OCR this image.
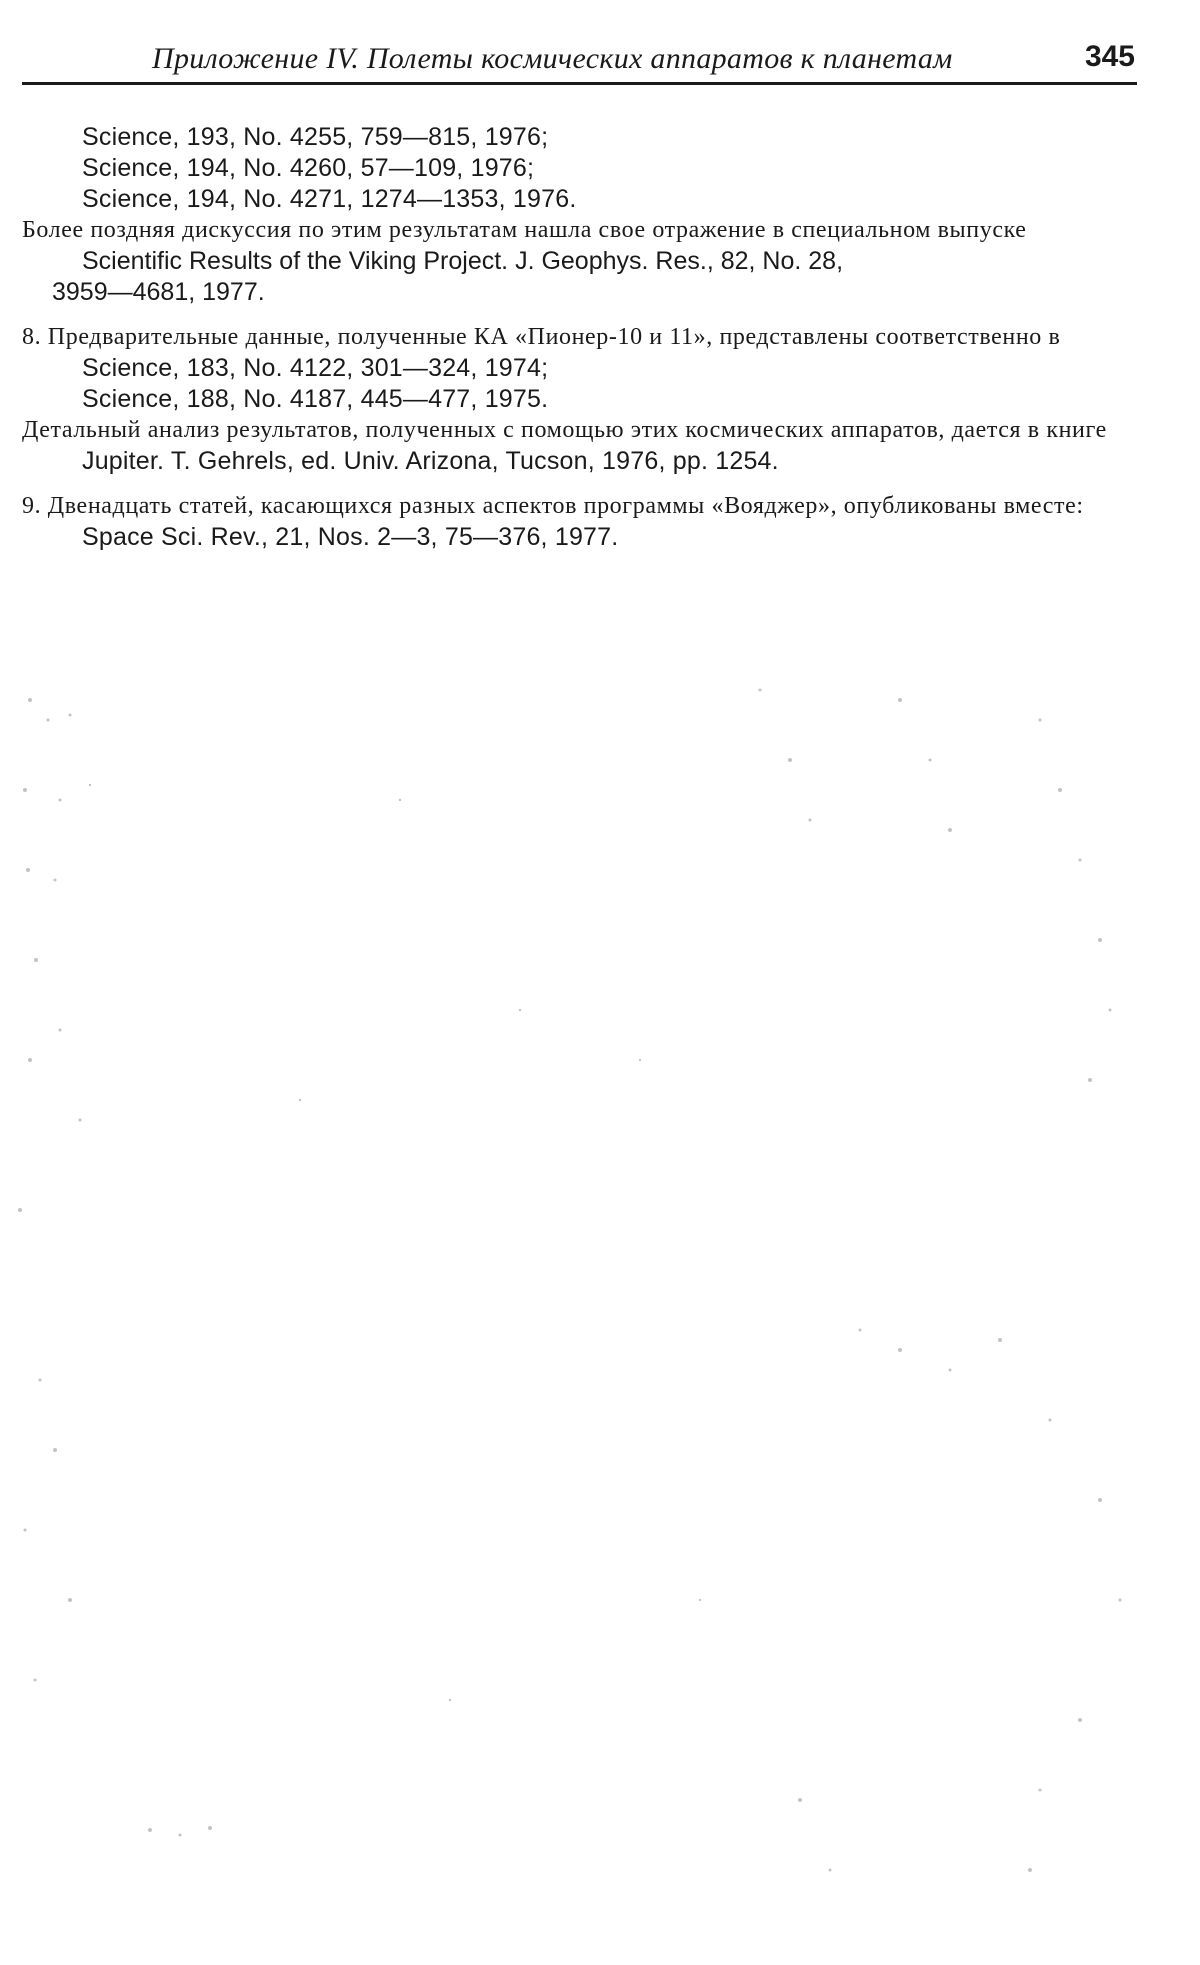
Приложение IV. Полеты космических аппаратов к планетам	345
Science, 193, No. 4255, 759—815, 1976;
Science, 194, No. 4260, 57—109, 1976;
Science, 194, No. 4271, 1274—1353, 1976.
Более поздняя дискуссия по этим результатам нашла свое отражение в специальном выпуске
Scientific Results of the Viking Project. J. Geophys. Res., 82, No. 28,
3959—4681, 1977.
8. Предварительные данные, полученные КА «Пионер-10 и 11», представлены соответственно в
Science, 183, No. 4122, 301—324, 1974;
Science, 188, No. 4187, 445—477, 1975.
Детальный анализ результатов, полученных с помощью этих космических аппаратов, дается в книге
Jupiter. T. Gehrels, ed. Univ. Arizona, Tucson, 1976, pp. 1254.
9. Двенадцать статей, касающихся разных аспектов программы «Вояджер», опубликованы вместе:
Space Sci. Rev., 21, Nos. 2—3, 75—376, 1977.
